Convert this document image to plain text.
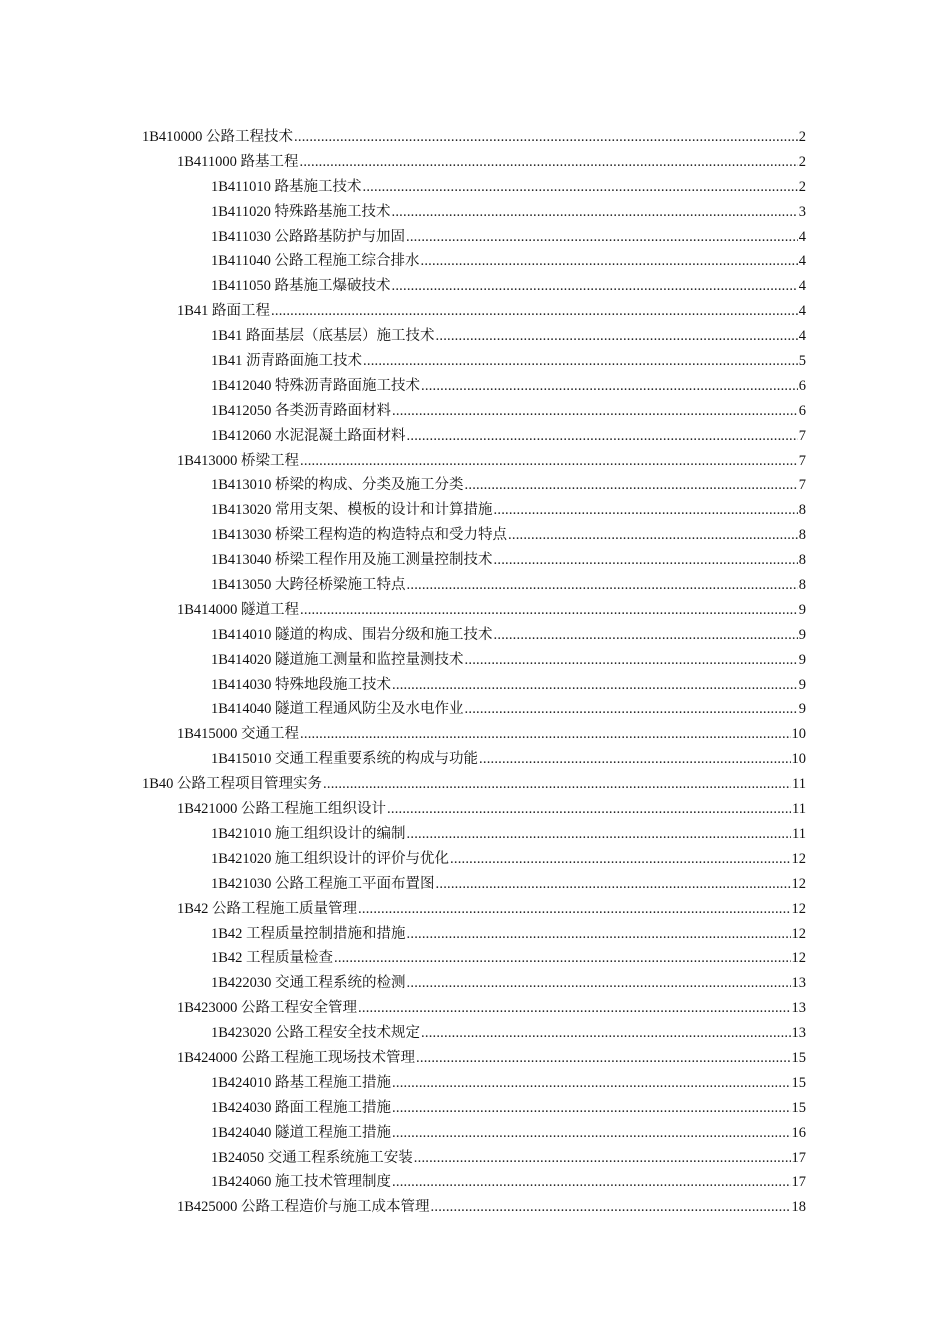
1B410000 公路工程技术 .....	2
1B411000 路基工程 .....	2
1B411010 路基施工技术 .....	2
1B411020 特殊路基施工技术 .....	3
1B411030 公路路基防护与加固 .....	4
1B411040 公路工程施工综合排水 .....	4
1B411050 路基施工爆破技术 .....	4
1B41 路面工程 .....	4
1B41 路面基层（底基层）施工技术 .....	4
1B41 沥青路面施工技术 .....	5
1B412040 特殊沥青路面施工技术 .....	6
1B412050 各类沥青路面材料 .....	6
1B412060 水泥混凝土路面材料 .....	7
1B413000 桥梁工程 .....	7
1B413010 桥梁的构成、分类及施工分类 .....	7
1B413020 常用支架、模板的设计和计算措施 .....	8
1B413030 桥梁工程构造的构造特点和受力特点 .....	8
1B413040 桥梁工程作用及施工测量控制技术 .....	8
1B413050 大跨径桥梁施工特点 .....	8
1B414000 隧道工程 .....	9
1B414010 隧道的构成、围岩分级和施工技术 .....	9
1B414020 隧道施工测量和监控量测技术 .....	9
1B414030 特殊地段施工技术 .....	9
1B414040 隧道工程通风防尘及水电作业 .....	9
1B415000 交通工程 .....	10
1B415010 交通工程重要系统的构成与功能 .....	10
1B40 公路工程项目管理实务 .....	11
1B421000 公路工程施工组织设计 .....	11
1B421010 施工组织设计的编制 .....	11
1B421020 施工组织设计的评价与优化 .....	12
1B421030 公路工程施工平面布置图 .....	12
1B42 公路工程施工质量管理 .....	12
1B42 工程质量控制措施和措施 .....	12
1B42 工程质量检查 .....	12
1B422030 交通工程系统的检测 .....	13
1B423000 公路工程安全管理 .....	13
1B423020 公路工程安全技术规定 .....	13
1B424000 公路工程施工现场技术管理 .....	15
1B424010 路基工程施工措施 .....	15
1B424030 路面工程施工措施 .....	15
1B424040 隧道工程施工措施 .....	16
1B24050 交通工程系统施工安装 .....	17
1B424060 施工技术管理制度 .....	17
1B425000 公路工程造价与施工成本管理 .....	18
